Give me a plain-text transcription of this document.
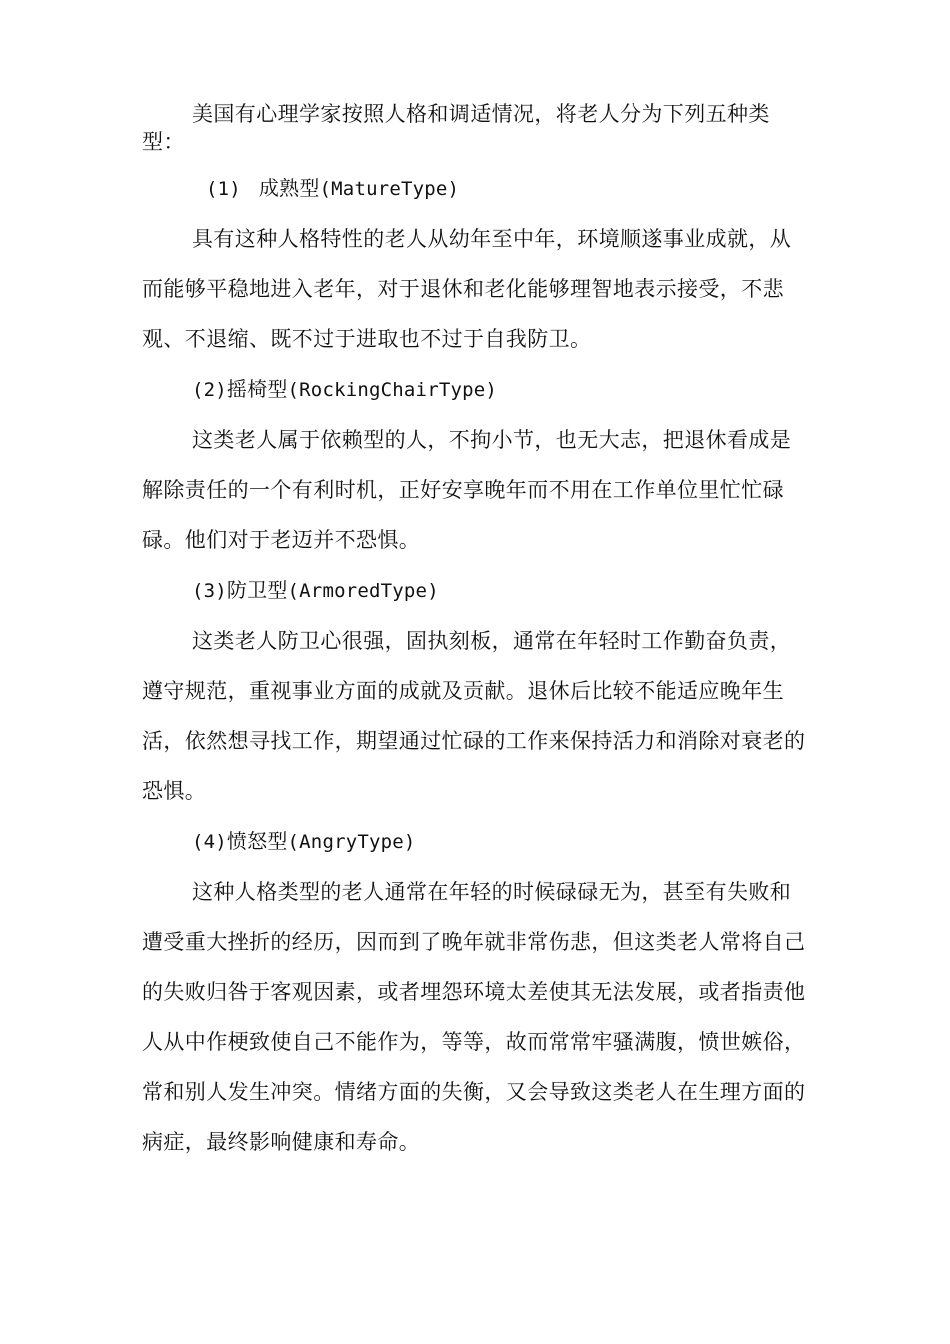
美国有心理学家按照人格和调适情况，将老人分为下列五种类型：

(1) 成熟型(MatureType)

具有这种人格特性的老人从幼年至中年，环境顺遂事业成就，从而能够平稳地进入老年，对于退休和老化能够理智地表示接受，不悲观、不退缩、既不过于进取也不过于自我防卫。

(2)摇椅型(RockingChairType)

这类老人属于依赖型的人，不拘小节，也无大志，把退休看成是解除责任的一个有利时机，正好安享晚年而不用在工作单位里忙忙碌碌。他们对于老迈并不恐惧。

(3)防卫型(ArmoredType)

这类老人防卫心很强，固执刻板，通常在年轻时工作勤奋负责，遵守规范，重视事业方面的成就及贡献。退休后比较不能适应晚年生活，依然想寻找工作，期望通过忙碌的工作来保持活力和消除对衰老的恐惧。

(4)愤怒型(AngryType)

这种人格类型的老人通常在年轻的时候碌碌无为，甚至有失败和遭受重大挫折的经历，因而到了晚年就非常伤悲，但这类老人常将自己的失败归咎于客观因素，或者埋怨环境太差使其无法发展，或者指责他人从中作梗致使自己不能作为，等等，故而常常牢骚满腹，愤世嫉俗，常和别人发生冲突。情绪方面的失衡，又会导致这类老人在生理方面的病症，最终影响健康和寿命。
